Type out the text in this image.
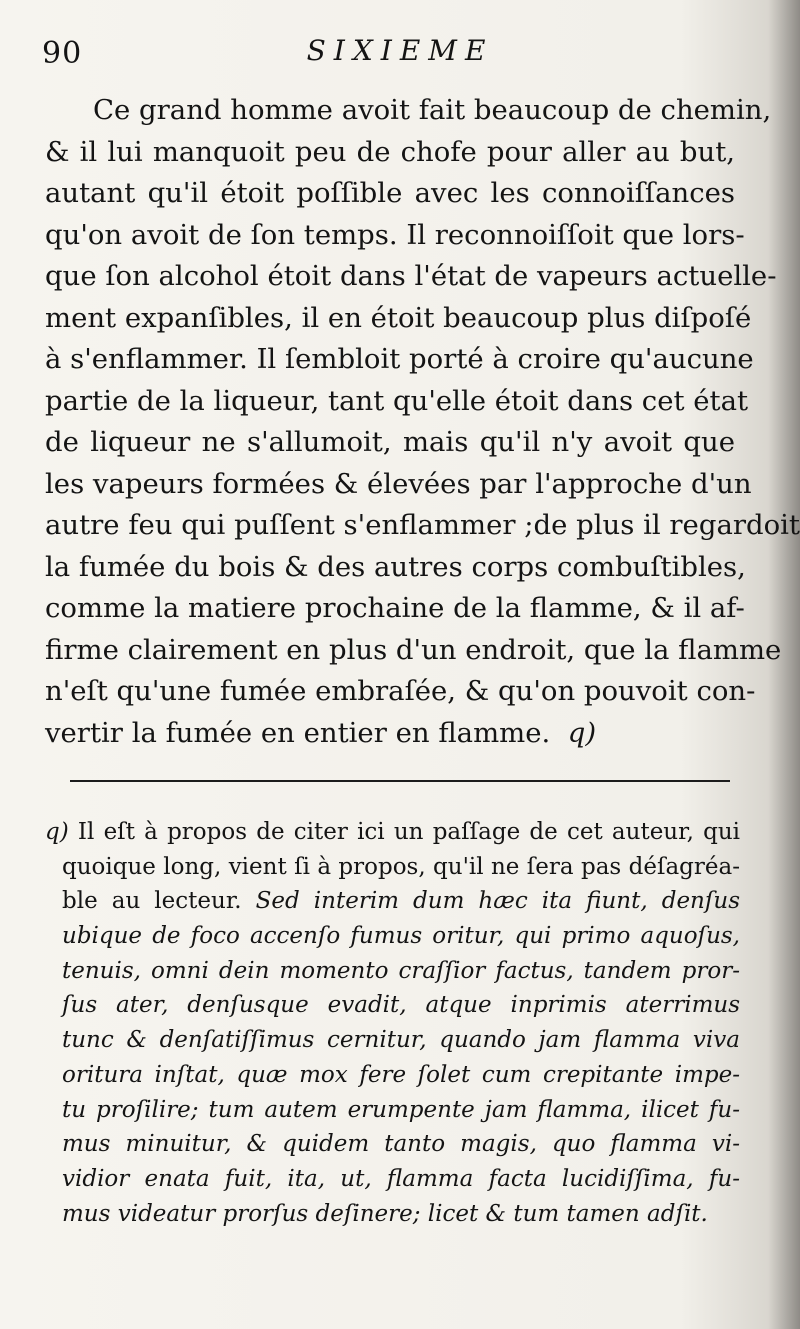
90	SIXIEME
Ce grand homme avoit fait beaucoup de chemin,
& il lui manquoit peu de chofe pour aller au but,
autant qu'il étoit poſſible avec les connoiſſances
qu'on avoit de ſon temps. Il reconnoiſſoit que lors-
que ſon alcohol étoit dans l'état de vapeurs actuelle-
ment expanſibles, il en étoit beaucoup plus diſpoſé
à s'enflammer. Il ſembloit porté à croire qu'aucune
partie de la liqueur, tant qu'elle étoit dans cet état
de liqueur ne s'allumoit, mais qu'il n'y avoit que
les vapeurs formées & élevées par l'approche d'un
autre feu qui puſſent s'enflammer ;de plus il regardoit
la fumée du bois & des autres corps combuſtibles,
comme la matiere prochaine de la flamme, & il af-
firme clairement en plus d'un endroit, que la flamme
n'eſt qu'une fumée embraſée, & qu'on pouvoit con-
vertir la fumée en entier en flamme. q)
q) Il eſt à propos de citer ici un paſſage de cet auteur, qui
quoique long, vient ſi à propos, qu'il ne ſera pas déſagréa-
ble au lecteur. Sed interim dum hæc ita fiunt, denſus
ubique de foco accenſo fumus oritur, qui primo aquoſus,
tenuis, omni dein momento craſſior factus, tandem pror-
ſus ater, denſusque evadit, atque inprimis aterrimus
tunc & denſatiſſimus cernitur, quando jam flamma viva
oritura inſtat, quæ mox fere ſolet cum crepitante impe-
tu proſilire; tum autem erumpente jam flamma, ilicet fu-
mus minuitur, & quidem tanto magis, quo flamma vi-
vidior enata fuit, ita, ut, flamma facta lucidiſſima, fu-
mus videatur prorſus deſinere; licet & tum tamen adſit.
